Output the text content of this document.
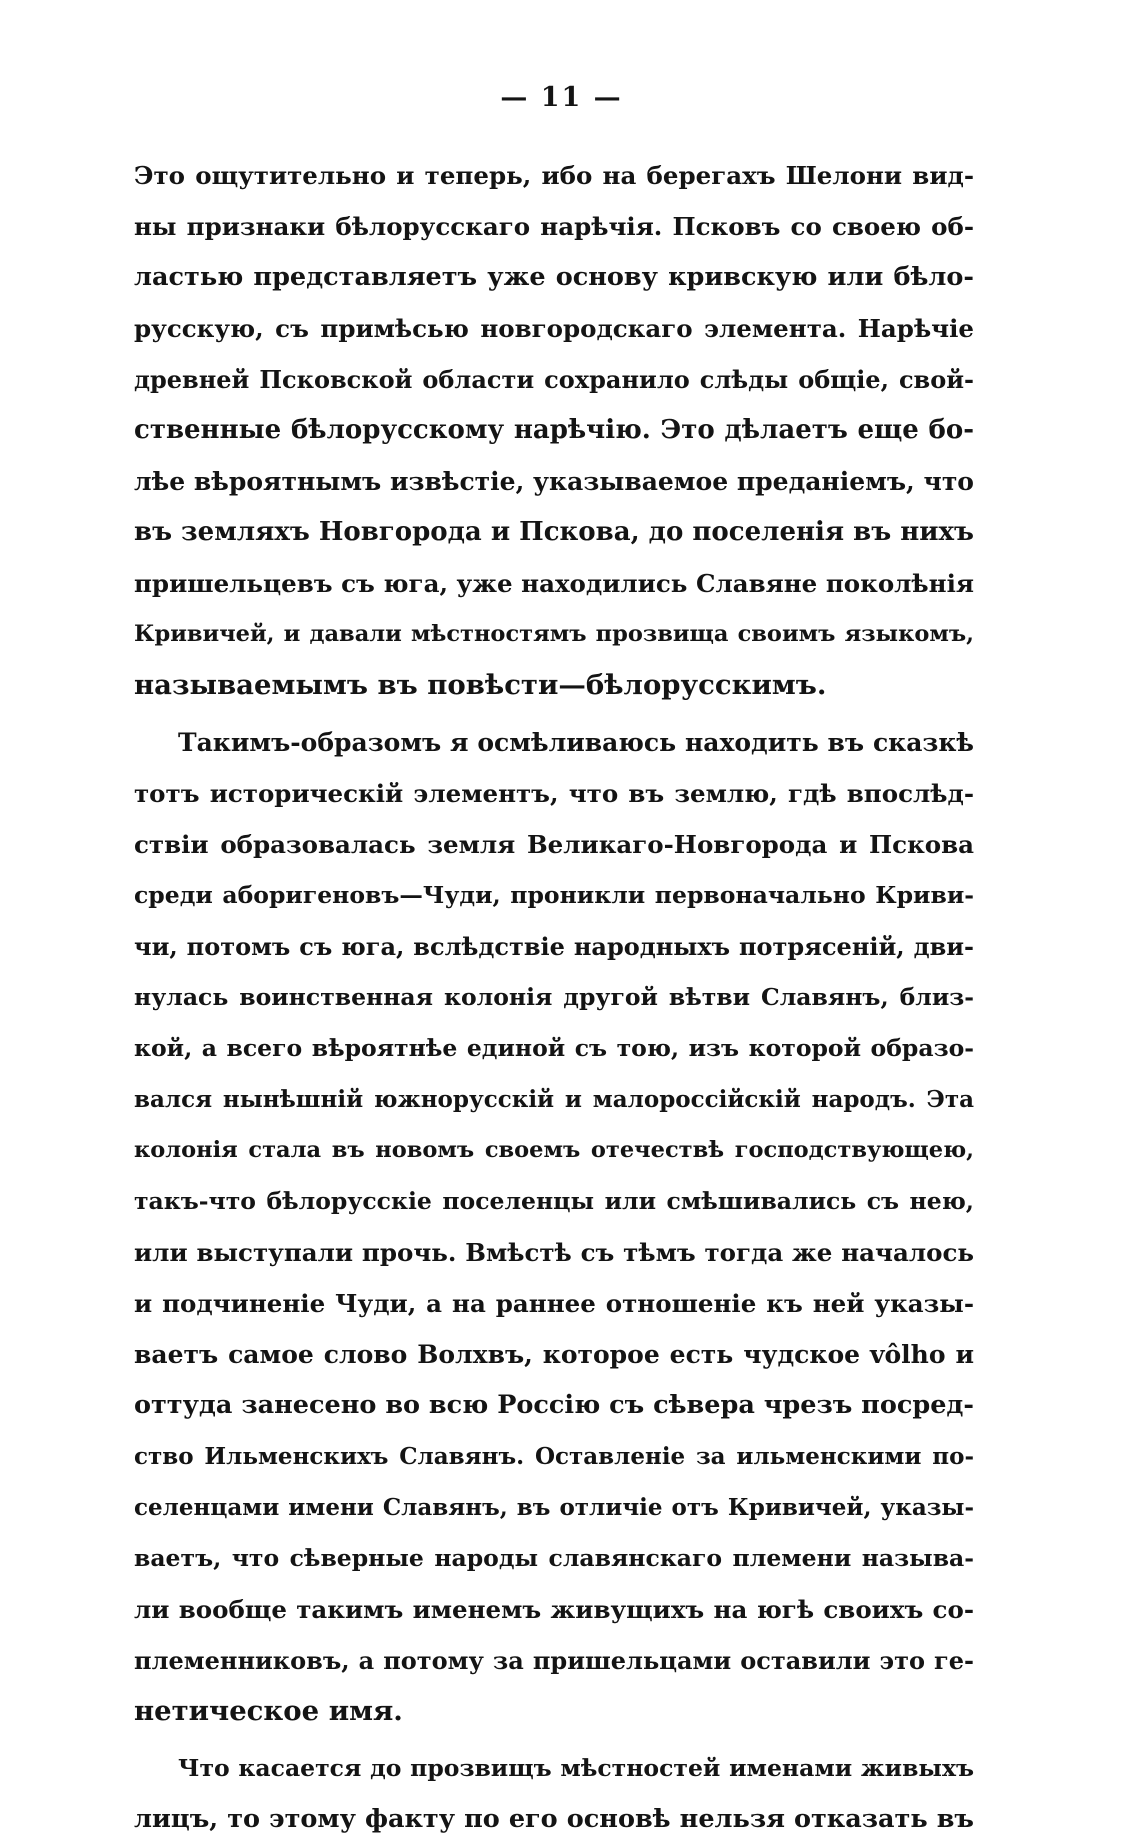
— 11 —
Это ощутительно и теперь, ибо на берегахъ Шелони вид-
ны признаки бѣлорусскаго нарѣчія. Псковъ со своею об-
ластью представляетъ уже основу кривскую или бѣло-
русскую, съ примѣсью новгородскаго элемента. Нарѣчіе
древней Псковской области сохранило слѣды общіе, свой-
ственные бѣлорусскому нарѣчію. Это дѣлаетъ еще бо-
лѣе вѣроятнымъ извѣстіе, указываемое преданіемъ, что
въ земляхъ Новгорода и Пскова, до поселенія въ нихъ
пришельцевъ съ юга, уже находились Славяне поколѣнія
Кривичей, и давали мѣстностямъ прозвища своимъ языкомъ,
называемымъ въ повѣсти—бѣлорусскимъ.
Такимъ-образомъ я осмѣливаюсь находить въ сказкѣ
тотъ историческій элементъ, что въ землю, гдѣ впослѣд-
ствіи образовалась земля Великаго-Новгорода и Пскова
среди аборигеновъ—Чуди, проникли первоначально Криви-
чи, потомъ съ юга, вслѣдствіе народныхъ потрясеній, дви-
нулась воинственная колонія другой вѣтви Славянъ, близ-
кой, а всего вѣроятнѣе единой съ тою, изъ которой образо-
вался нынѣшній южнорусскій и малороссійскій народъ. Эта
колонія стала въ новомъ своемъ отечествѣ господствующею,
такъ-что бѣлорусскіе поселенцы или смѣшивались съ нею,
или выступали прочь. Вмѣстѣ съ тѣмъ тогда же началось
и подчиненіе Чуди, а на раннее отношеніе къ ней указы-
ваетъ самое слово Волхвъ, которое есть чудское vôlho и
оттуда занесено во всю Россію съ сѣвера чрезъ посред-
ство Ильменскихъ Славянъ. Оставленіе за ильменскими по-
селенцами имени Славянъ, въ отличіе отъ Кривичей, указы-
ваетъ, что сѣверные народы славянскаго племени называ-
ли вообще такимъ именемъ живущихъ на югѣ своихъ со-
племенниковъ, а потому за пришельцами оставили это ге-
нетическое имя.
Что касается до прозвищъ мѣстностей именами живыхъ
лицъ, то этому факту по его основѣ нельзя отказать въ
